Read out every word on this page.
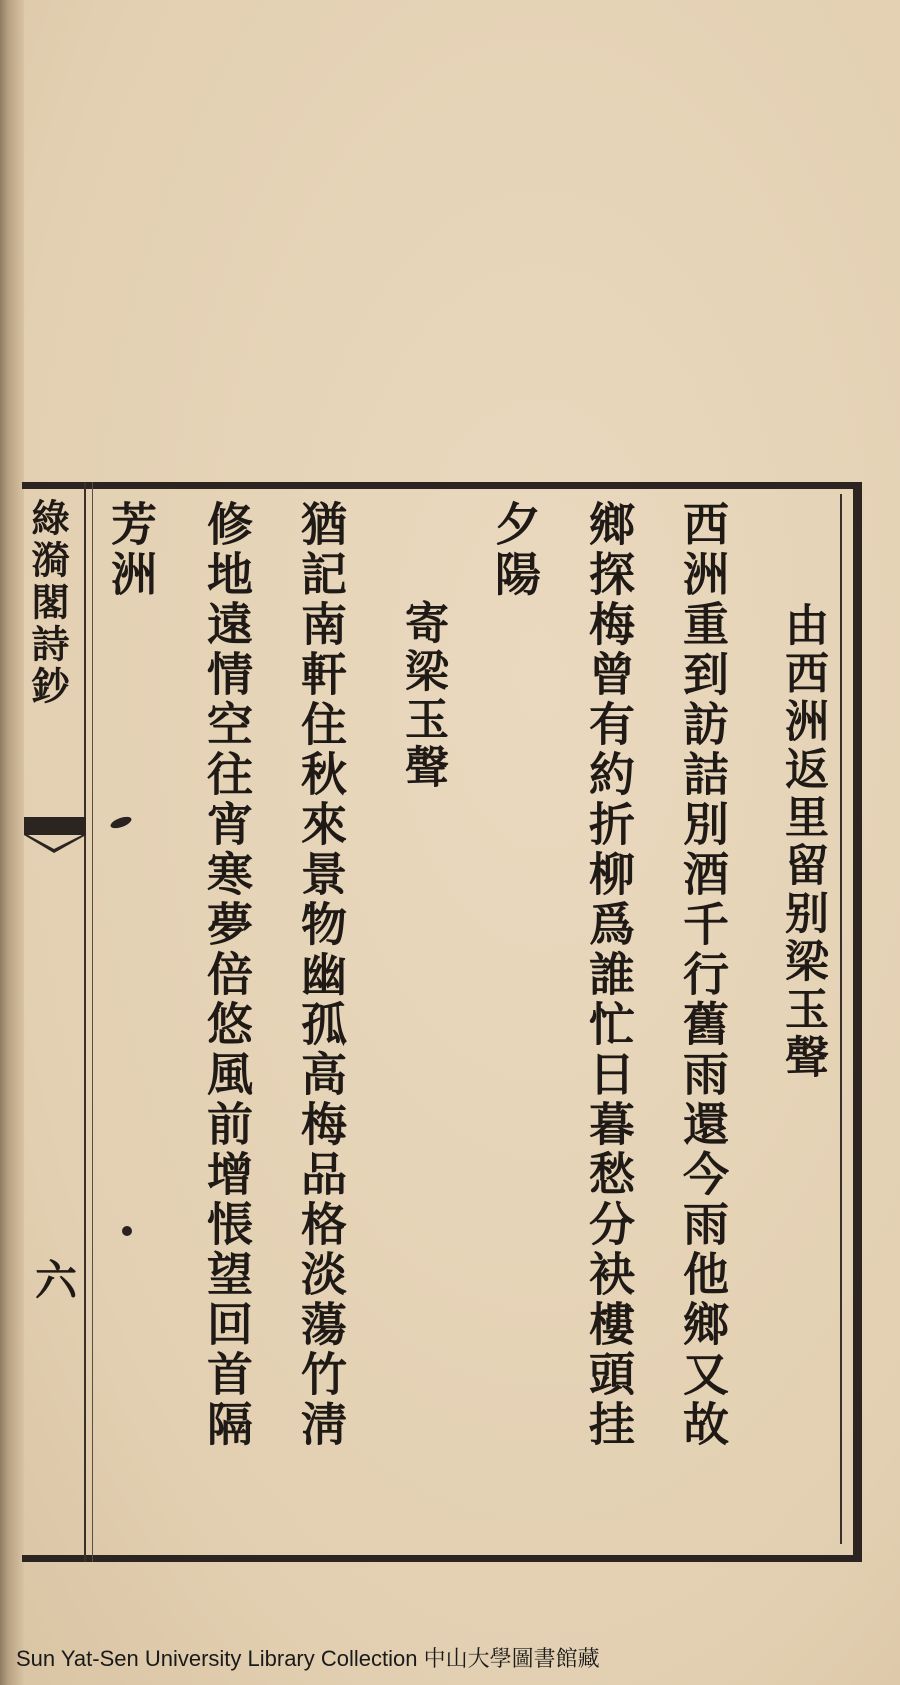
綠漪閣詩鈔
六
由西洲返里留别梁玉聲
西洲重到訪詰別酒千行舊雨還今雨他鄉又故
鄉探梅曾有約折柳爲誰忙日暮愁分袂樓頭挂
夕陽
寄梁玉聲
猶記南軒住秋來景物幽孤高梅品格淡蕩竹淸
修地遠情空往宵寒夢倍悠風前增悵望回首隔
芳洲
Sun Yat-Sen University Library Collection 中山大學圖書館藏
